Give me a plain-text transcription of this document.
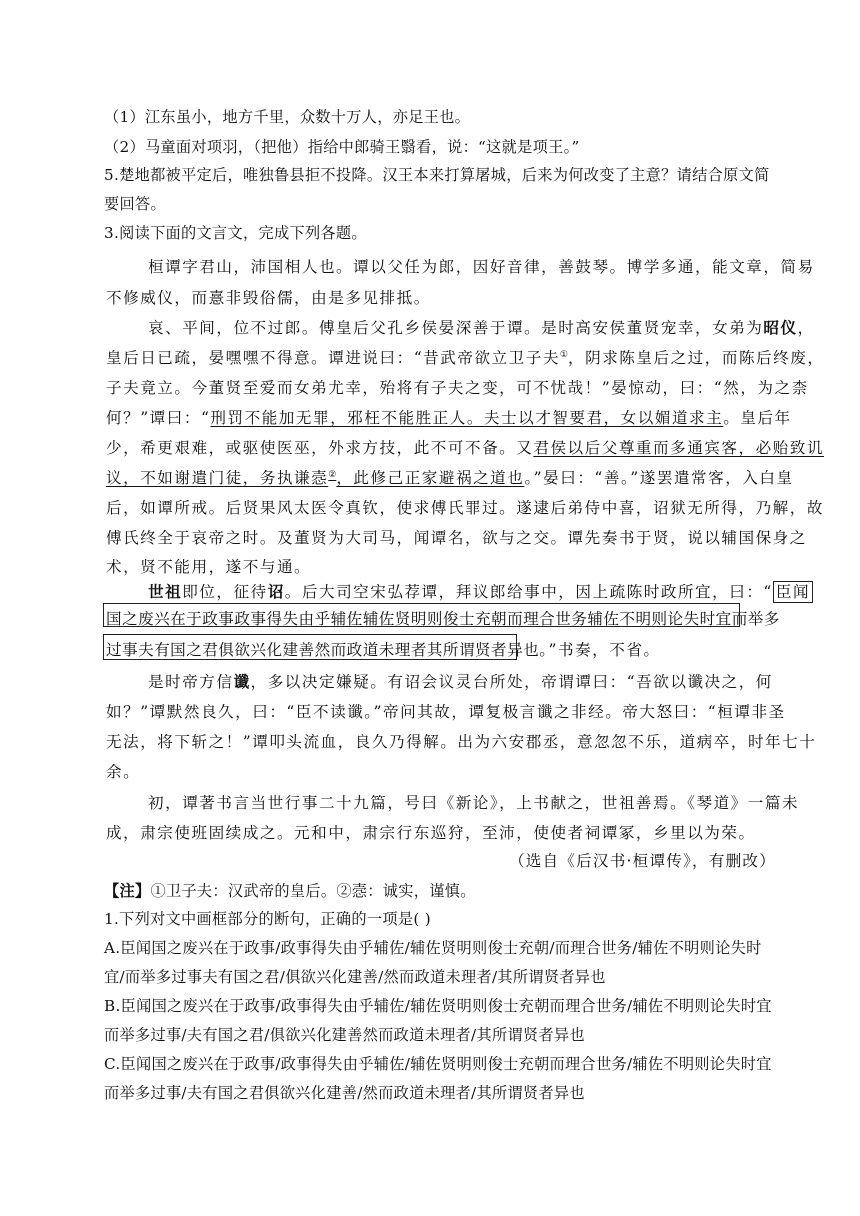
（1）江东虽小，地方千里，众数十万人，亦足王也。
（2）马童面对项羽，（把他）指给中郎骑王翳看，说：“这就是项王。”
5.楚地都被平定后，唯独鲁县拒不投降。汉王本来打算屠城，后来为何改变了主意？请结合原文简
要回答。
3.阅读下面的文言文，完成下列各题。
桓谭字君山，沛国相人也。谭以父任为郎，因好音律，善鼓琴。博学多通，能文章，简易
不修威仪，而憙非毁俗儒，由是多见排抵。
哀、平间，位不过郎。傅皇后父孔乡侯晏深善于谭。是时高安侯董贤宠幸，女弟为昭仪，
皇后日已疏，晏嘿嘿不得意。谭进说曰：“昔武帝欲立卫子夫①，阴求陈皇后之过，而陈后终废，
子夫竟立。今董贤至爱而女弟尤幸，殆将有子夫之变，可不忧哉！”晏惊动，曰：“然，为之柰
何？”谭曰：“刑罚不能加无罪，邪枉不能胜正人。夫士以才智要君，女以媚道求主。皇后年
少，希更艰难，或驱使医巫，外求方技，此不可不备。又君侯以后父尊重而多通宾客，必贻致讥
议，不如谢遣门徒，务执谦悫②，此修己正家避祸之道也。”晏曰：“善。”遂罢遣常客，入白皇
后，如谭所戒。后贤果风太医令真钦，使求傅氏罪过。遂逮后弟侍中喜，诏狱无所得，乃解，故
傅氏终全于哀帝之时。及董贤为大司马，闻谭名，欲与之交。谭先奏书于贤，说以辅国保身之
术，贤不能用，遂不与通。
世祖即位，征待诏。后大司空宋弘荐谭，拜议郎给事中，因上疏陈时政所宜，曰：“ 臣闻
国之废兴在于政事政事得失由乎辅佐辅佐贤明则俊士充朝而理合世务辅佐不明则论失时宜而举多
过事夫有国之君俱欲兴化建善然而政道未理者其所谓贤者异也。”书奏，不省。
是时帝方信谶，多以决定嫌疑。有诏会议灵台所处，帝谓谭曰：“吾欲以谶决之，何
如？”谭默然良久，曰：“臣不读谶。”帝问其故，谭复极言谶之非经。帝大怒曰：“桓谭非圣
无法，将下斩之！”谭叩头流血，良久乃得解。出为六安郡丞，意忽忽不乐，道病卒，时年七十
余。
初，谭著书言当世行事二十九篇，号曰《新论》，上书献之，世祖善焉。《琴道》一篇未
成，肃宗使班固续成之。元和中，肃宗行东巡狩，至沛，使使者祠谭冢，乡里以为荣。
（选自《后汉书·桓谭传》，有删改）
【注】①卫子夫：汉武帝的皇后。②悫：诚实，谨慎。
1.下列对文中画框部分的断句，正确的一项是( )
A.臣闻国之废兴在于政事/政事得失由乎辅佐/辅佐贤明则俊士充朝/而理合世务/辅佐不明则论失时
宜/而举多过事夫有国之君/俱欲兴化建善/然而政道未理者/其所谓贤者异也
B.臣闻国之废兴在于政事/政事得失由乎辅佐/辅佐贤明则俊士充朝而理合世务/辅佐不明则论失时宜
而举多过事/夫有国之君/俱欲兴化建善然而政道未理者/其所谓贤者异也
C.臣闻国之废兴在于政事/政事得失由乎辅佐/辅佐贤明则俊士充朝而理合世务/辅佐不明则论失时宜
而举多过事/夫有国之君俱欲兴化建善/然而政道未理者/其所谓贤者异也
